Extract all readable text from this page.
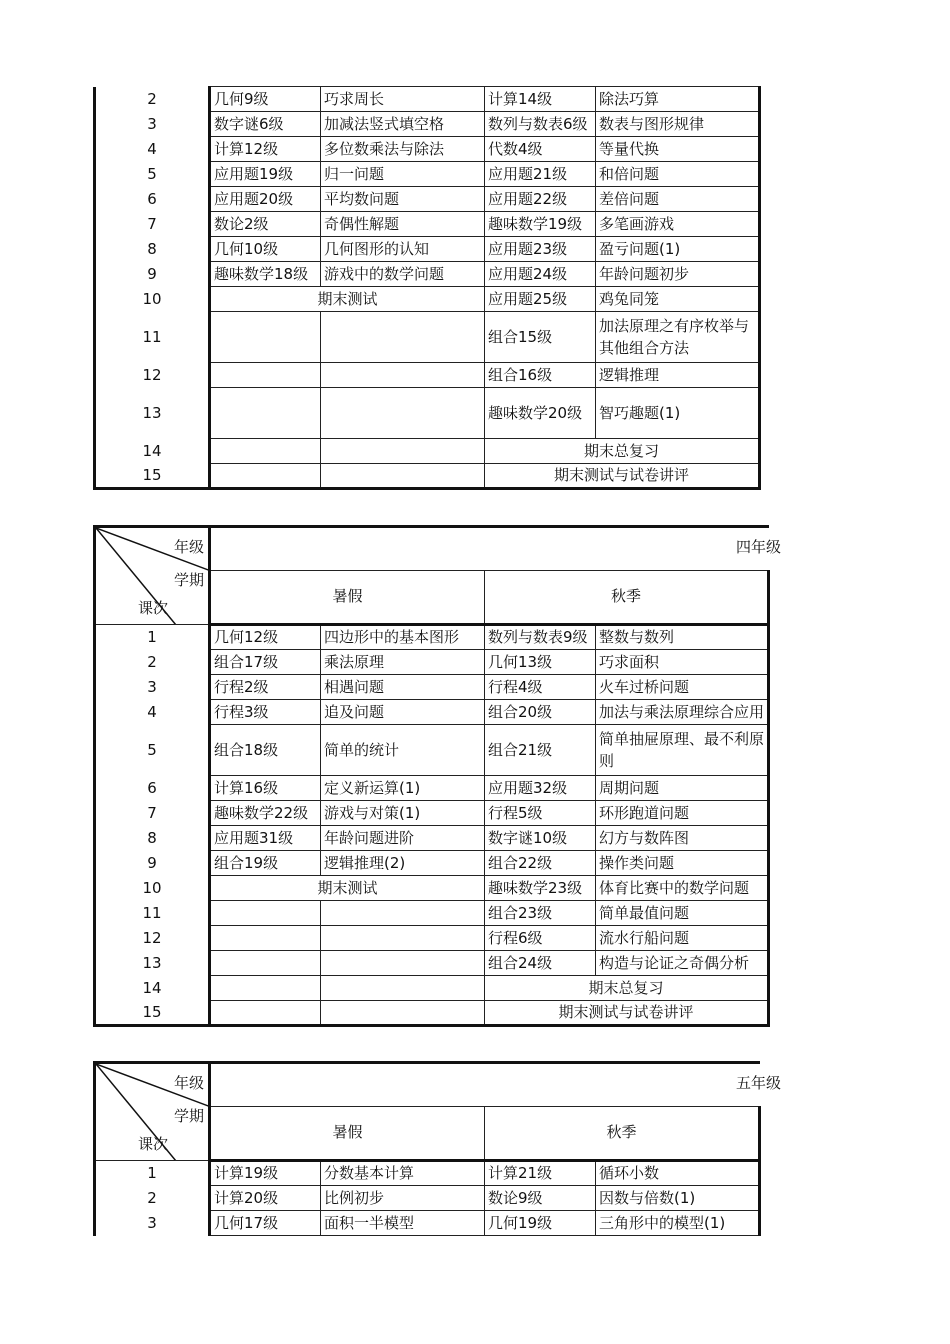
2	几何9级	巧求周长	计算14级	除法巧算
3	数字谜6级	加减法竖式填空格	数列与数表6级	数表与图形规律
4	计算12级	多位数乘法与除法	代数4级	等量代换
5	应用题19级	归一问题	应用题21级	和倍问题
6	应用题20级	平均数问题	应用题22级	差倍问题
7	数论2级	奇偶性解题	趣味数学19级	多笔画游戏
8	几何10级	几何图形的认知	应用题23级	盈亏问题(1)
9	趣味数学18级	游戏中的数学问题	应用题24级	年龄问题初步
10	期末测试		应用题25级	鸡兔同笼
11			组合15级	加法原理之有序枚举与其他组合方法
12			组合16级	逻辑推理
13			趣味数学20级	智巧趣题(1)
14			期末总复习	
15			期末测试与试卷讲评	
年级
学期
课次				

	暑假		秋季	
1	几何12级	四边形中的基本图形	数列与数表9级	整数与数列
2	组合17级	乘法原理	几何13级	巧求面积
3	行程2级	相遇问题	行程4级	火车过桥问题
4	行程3级	追及问题	组合20级	加法与乘法原理综合应用
5	组合18级	简单的统计	组合21级	简单抽屉原理、最不利原则
6	计算16级	定义新运算(1)	应用题32级	周期问题
7	趣味数学22级	游戏与对策(1)	行程5级	环形跑道问题
8	应用题31级	年龄问题进阶	数字谜10级	幻方与数阵图
9	组合19级	逻辑推理(2)	组合22级	操作类问题
10	期末测试		趣味数学23级	体育比赛中的数学问题
11			组合23级	简单最值问题
12			行程6级	流水行船问题
13			组合24级	构造与论证之奇偶分析
14			期末总复习	
15			期末测试与试卷讲评	
四年级
年级
学期
课次				

	暑假		秋季	
1	计算19级	分数基本计算	计算21级	循环小数
2	计算20级	比例初步	数论9级	因数与倍数(1)
3	几何17级	面积一半模型	几何19级	三角形中的模型(1)
五年级
